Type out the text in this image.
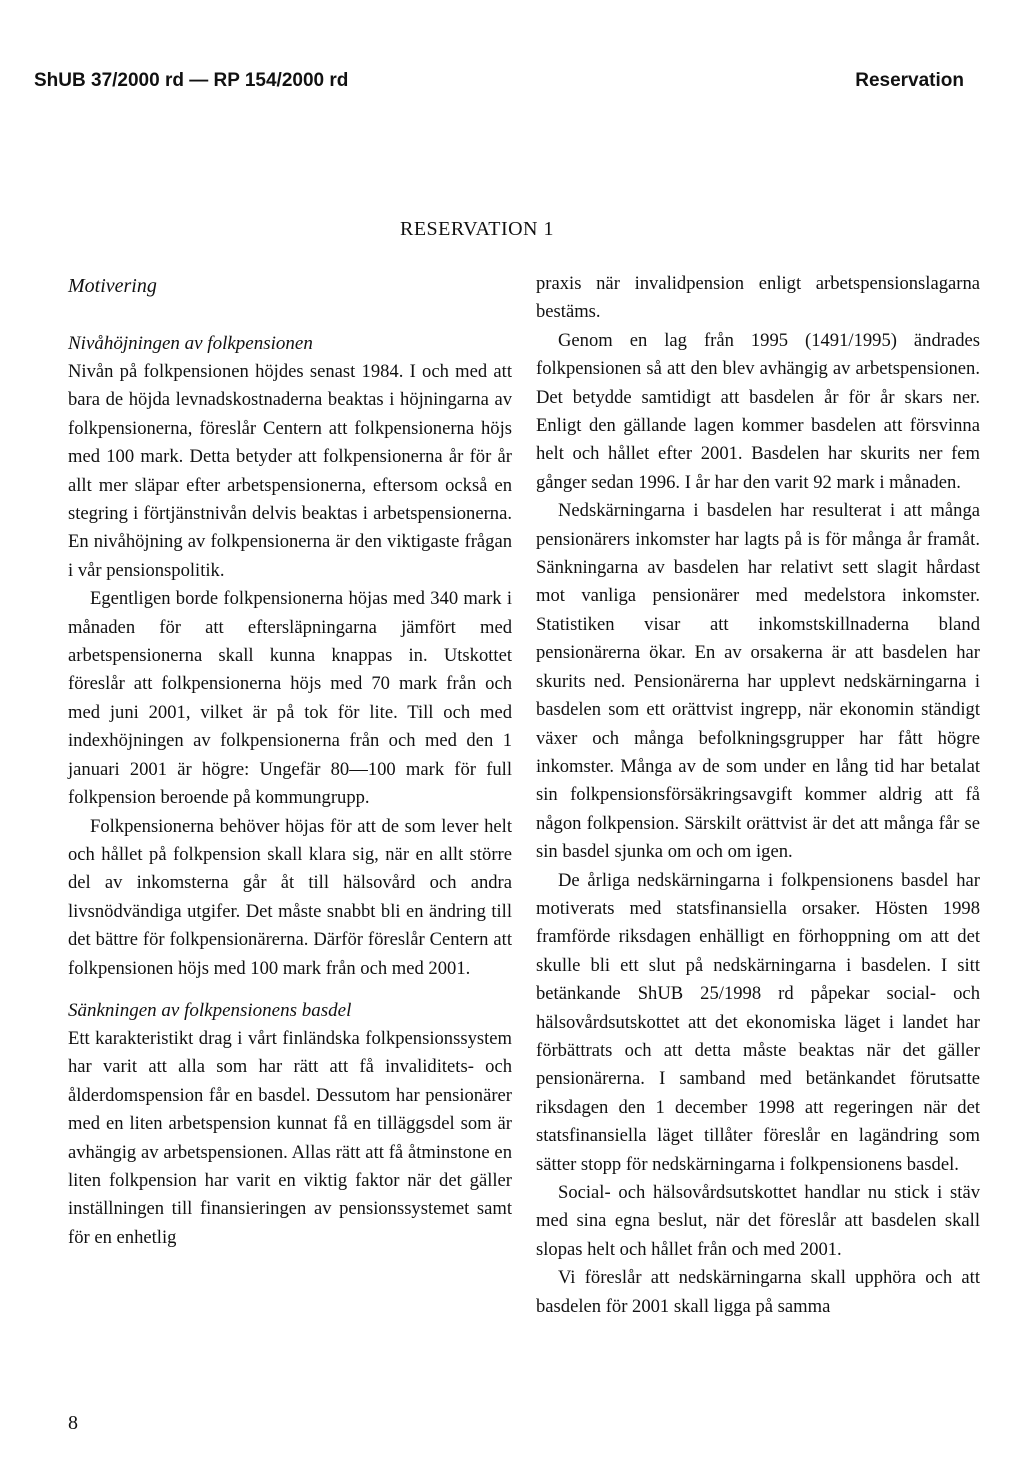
ShUB 37/2000 rd — RP 154/2000 rd	Reservation
RESERVATION 1
Motivering
Nivåhöjningen av folkpensionen

Nivån på folkpensionen höjdes senast 1984. I och med att bara de höjda levnadskostnaderna beaktas i höjningarna av folkpensionerna, föreslår Centern att folkpensionerna höjs med 100 mark. Detta betyder att folkpensionerna år för år allt mer släpar efter arbetspensionerna, eftersom också en stegring i förtjänstnivån delvis beaktas i arbetspensionerna. En nivåhöjning av folkpensionerna är den viktigaste frågan i vår pensionspolitik.

Egentligen borde folkpensionerna höjas med 340 mark i månaden för att eftersläpningarna jämfört med arbetspensionerna skall kunna knappas in. Utskottet föreslår att folkpensionerna höjs med 70 mark från och med juni 2001, vilket är på tok för lite. Till och med indexhöjningen av folkpensionerna från och med den 1 januari 2001 är högre: Ungefär 80—100 mark för full folkpension beroende på kommungrupp.

Folkpensionerna behöver höjas för att de som lever helt och hållet på folkpension skall klara sig, när en allt större del av inkomsterna går åt till hälsovård och andra livsnödvändiga utgifer. Det måste snabbt bli en ändring till det bättre för folkpensionärerna. Därför föreslår Centern att folkpensionen höjs med 100 mark från och med 2001.

Sänkningen av folkpensionens basdel

Ett karakteristikt drag i vårt finländska folkpensionssystem har varit att alla som har rätt att få invaliditets- och ålderdomspension får en basdel. Dessutom har pensionärer med en liten arbetspension kunnat få en tilläggsdel som är avhängig av arbetspensionen. Allas rätt att få åtminstone en liten folkpension har varit en viktig faktor när det gäller inställningen till finansieringen av pensionssystemet samt för en enhetlig

praxis när invalidpension enligt arbetspensionslagarna bestäms.

Genom en lag från 1995 (1491/1995) ändrades folkpensionen så att den blev avhängig av arbetspensionen. Det betydde samtidigt att basdelen år för år skars ner. Enligt den gällande lagen kommer basdelen att försvinna helt och hållet efter 2001. Basdelen har skurits ner fem gånger sedan 1996. I år har den varit 92 mark i månaden.

Nedskärningarna i basdelen har resulterat i att många pensionärers inkomster har lagts på is för många år framåt. Sänkningarna av basdelen har relativt sett slagit hårdast mot vanliga pensionärer med medelstora inkomster. Statistiken visar att inkomstskillnaderna bland pensionärerna ökar. En av orsakerna är att basdelen har skurits ned. Pensionärerna har upplevt nedskärningarna i basdelen som ett orättvist ingrepp, när ekonomin ständigt växer och många befolkningsgrupper har fått högre inkomster. Många av de som under en lång tid har betalat sin folkpensionsförsäkringsavgift kommer aldrig att få någon folkpension. Särskilt orättvist är det att många får se sin basdel sjunka om och om igen.

De årliga nedskärningarna i folkpensionens basdel har motiverats med statsfinansiella orsaker. Hösten 1998 framförde riksdagen enhälligt en förhoppning om att det skulle bli ett slut på nedskärningarna i basdelen. I sitt betänkande ShUB 25/1998 rd påpekar social- och hälsovårdsutskottet att det ekonomiska läget i landet har förbättrats och att detta måste beaktas när det gäller pensionärerna. I samband med betänkandet förutsatte riksdagen den 1 december 1998 att regeringen när det statsfinansiella läget tillåter föreslår en lagändring som sätter stopp för nedskärningarna i folkpensionens basdel.

Social- och hälsovårdsutskottet handlar nu stick i stäv med sina egna beslut, när det föreslår att basdelen skall slopas helt och hållet från och med 2001.

Vi föreslår att nedskärningarna skall upphöra och att basdelen för 2001 skall ligga på samma

8
